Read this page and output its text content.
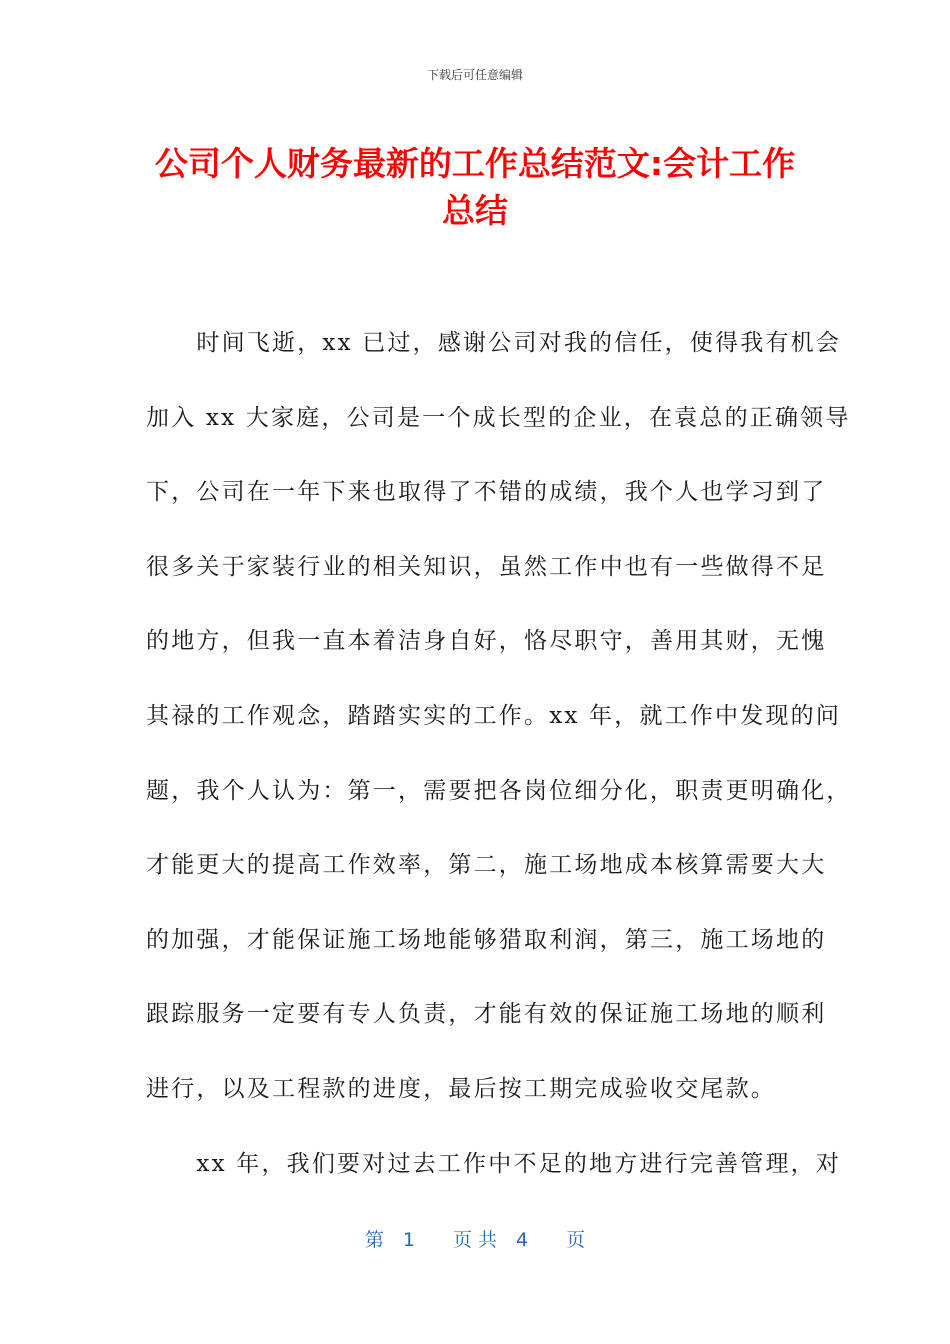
下载后可任意编辑
公司个人财务最新的工作总结范文:会计工作
总结
　　时间飞逝，xx 已过，感谢公司对我的信任，使得我有机会
加入 xx 大家庭，公司是一个成长型的企业，在袁总的正确领导
下，公司在一年下来也取得了不错的成绩，我个人也学习到了
很多关于家装行业的相关知识，虽然工作中也有一些做得不足
的地方，但我一直本着洁身自好，恪尽职守，善用其财，无愧
其禄的工作观念，踏踏实实的工作。xx 年，就工作中发现的问
题，我个人认为：第一，需要把各岗位细分化，职责更明确化，
才能更大的提高工作效率，第二，施工场地成本核算需要大大
的加强，才能保证施工场地能够猎取利润，第三，施工场地的
跟踪服务一定要有专人负责，才能有效的保证施工场地的顺利
进行，以及工程款的进度，最后按工期完成验收交尾款。
　　xx 年，我们要对过去工作中不足的地方进行完善管理，对
第　1　　页 共　4　　页
